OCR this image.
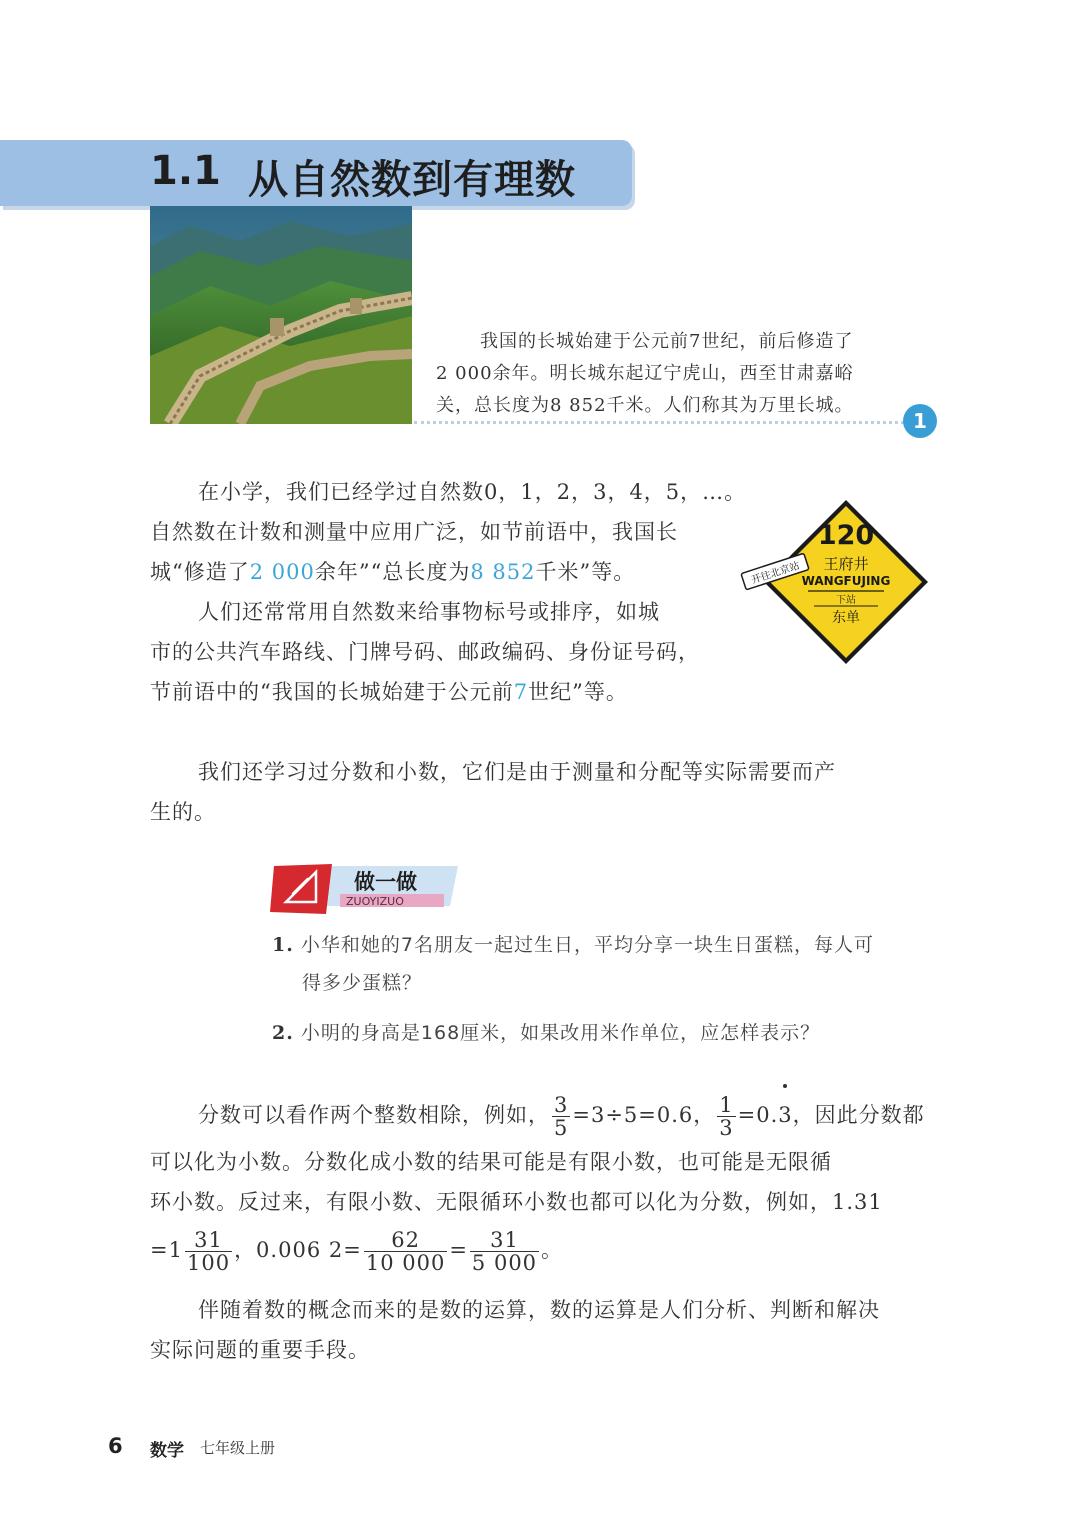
1.1 从自然数到有理数
我国的长城始建于公元前7世纪，前后修造了
2 000余年。明长城东起辽宁虎山，西至甘肃嘉峪
关，总长度为8 852千米。人们称其为万里长城。
1
在小学，我们已经学过自然数0，1，2，3，4，5，…。
自然数在计数和测量中应用广泛，如节前语中，我国长
城“修造了2 000余年”“总长度为8 852千米”等。
人们还常常用自然数来给事物标号或排序，如城
市的公共汽车路线、门牌号码、邮政编码、身份证号码，
节前语中的“我国的长城始建于公元前7世纪”等。
120
王府井
WANGFUJING
下站
东单
开往北京站
我们还学习过分数和小数，它们是由于测量和分配等实际需要而产
生的。
做一做
ZUOYIZUO
1. 小华和她的7名朋友一起过生日，平均分享一块生日蛋糕，每人可
得多少蛋糕？
2. 小明的身高是168厘米，如果改用米作单位，应怎样表示？
分数可以看作两个整数相除，例如， $\frac{3}{5} =3\div 5=0.6$， $\frac{1}{3} =0.3$，因此分数都
可以化为小数。分数化成小数的结果可能是有限小数，也可能是无限循
环小数。反过来，有限小数、无限循环小数也都可以化为分数，例如，1.31
$=1 \frac{31}{100}$ ，0.006 $2= \frac{62}{10 000} = \frac{31}{5 000}$ 。
伴随着数的概念而来的是数的运算，数的运算是人们分析、判断和解决
实际问题的重要手段。
6 数学 七年级上册
